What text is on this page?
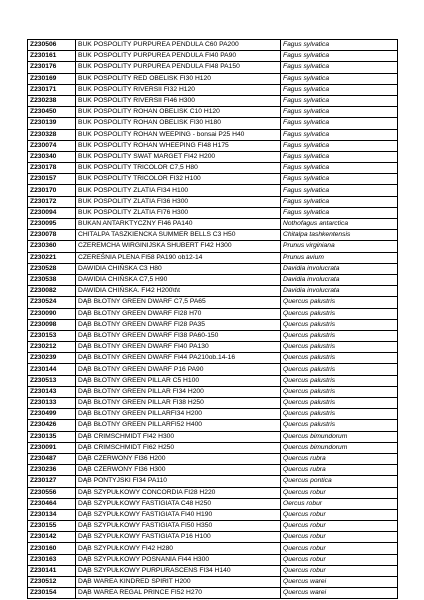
Z230506	BUK POSPOLITY PURPUREA PENDULA C60 PA200	Fagus sylvatica
Z230161	BUK POSPOLITY PURPUREA PENDULA FI40 PA90	Fagus sylvatica
Z230176	BUK POSPOLITY PURPUREA PENDULA FI48 PA150	Fagus sylvatica
Z230169	BUK POSPOLITY RED OBELISK FI30 H120	Fagus sylvatica
Z230171	BUK POSPOLITY RIVERSII FI32 H120	Fagus sylvatica
Z230238	BUK POSPOLITY RIVERSII FI46 H300	Fagus sylvatica
Z230450	BUK POSPOLITY ROHAN OBELISK C10 H120	Fagus sylvatica
Z230139	BUK POSPOLITY ROHAN OBELISK FI30 H180	Fagus sylvatica
Z230328	BUK POSPOLITY ROHAN WEEPING - bonsai P25 H40	Fagus sylvatica
Z230074	BUK POSPOLITY ROHAN WHEEPING FI48 H175	Fagus sylvatica
Z230340	BUK POSPOLITY SWAT MARGET FI42 H200	Fagus sylvatica
Z230178	BUK POSPOLITY TRICOLOR C7,5 H80	Fagus sylvatica
Z230157	BUK POSPOLITY TRICOLOR FI32 H100	Fagus sylvatica
Z230170	BUK POSPOLITY ZLATIA FI34 H100	Fagus sylvatica
Z230172	BUK POSPOLITY ZLATIA FI36 H300	Fagus sylvatica
Z230094	BUK POSPOLITY ZLATIA FI76 H300	Fagus sylvatica
Z230095	BUKAN ANTARKTYCZNY FI46 PA140	Nothofagus antarctica
Z230078	CHITALPA TASZKIENCKA SUMMER BELLS C3 H50	Chitalpa tashkentensis
Z230360	CZEREMCHA WIRGINIJSKA SHUBERT FI42 H300	Prunus virginiana
Z230221	CZEREŚNIA PLENA FI58 PA190 ob12-14	Prunus avium
Z230528	DAWIDIA CHIŃSKA C3 H80	Davidia involucrata
Z230538	DAWIDIA CHIŃSKA C7,5 H90	Davidia involucrata
Z230082	DAWIDIA CHIŃSKA. FI42 H200\t\t	Davidia involucrata
Z230524	DĄB BŁOTNY GREEN DWARF C7,5 PA65	Quercus palustris
Z230090	DĄB BŁOTNY GREEN DWARF FI28 H70	Quercus palustris
Z230098	DĄB BŁOTNY GREEN DWARF FI28 PA35	Quercus palustris
Z230153	DĄB BŁOTNY GREEN DWARF FI38 PA60-150	Quercus palustris
Z230212	DĄB BŁOTNY GREEN DWARF FI40 PA130	Quercus palustris
Z230239	DĄB BŁOTNY GREEN DWARF FI44 PA210ob.14-16	Quercus palustris
Z230144	DĄB BŁOTNY GREEN DWARF P16 PA90	Quercus palustris
Z230513	DĄB BŁOTNY GREEN PILLAR C5 H100	Quercus palustris
Z230143	DĄB BŁOTNY GREEN PILLAR FI34 H200	Quercus palustris
Z230133	DĄB BŁOTNY GREEN PILLAR FI38 H250	Quercus palustris
Z230499	DĄB BŁOTNY GREEN PILLARFI34 H200	Quercus palustris
Z230426	DĄB BŁOTNY GREEN PILLARFI52 H400	Quercus palustris
Z230135	DĄB CRIMSCHMIDT FI42 H300	Quercus bimundorum
Z230091	DĄB CRIMSCHMIDT FI62 H250	Quercus bimundorum
Z230487	DĄB CZERWONY FI36 H200	Quercus rubra
Z230236	DĄB CZERWONY FI36 H300	Quercus rubra
Z230127	DĄB PONTYJSKI FI34 PA110	Quercus pontica
Z230556	DĄB SZYPUŁKOWY CONCORDIA FI28 H220	Quercus robur
Z230464	DĄB SZYPUŁKOWY FASTIGIATA C48 H250	Oercus robur
Z230134	DĄB SZYPUŁKOWY FASTIGIATA FI40 H190	Quercus robur
Z230155	DĄB SZYPUŁKOWY FASTIGIATA FI50 H350	Quercus robur
Z230142	DĄB SZYPUŁKOWY FASTIGIATA P16 H100	Quercus robur
Z230160	DĄB SZYPUŁKOWY FI42 H280	Quercus robur
Z230163	DĄB SZYPUŁKOWY POSNANIA FI44 H300	Quercus robur
Z230141	DĄB SZYPUŁKOWY PURPURASCENS FI34 H140	Quercus robur
Z230512	DĄB WAREA KINDRED SPIRIT H200	Quercus warei
Z230154	DĄB WAREA REGAL PRINCE FI52 H270	Quercus warei
